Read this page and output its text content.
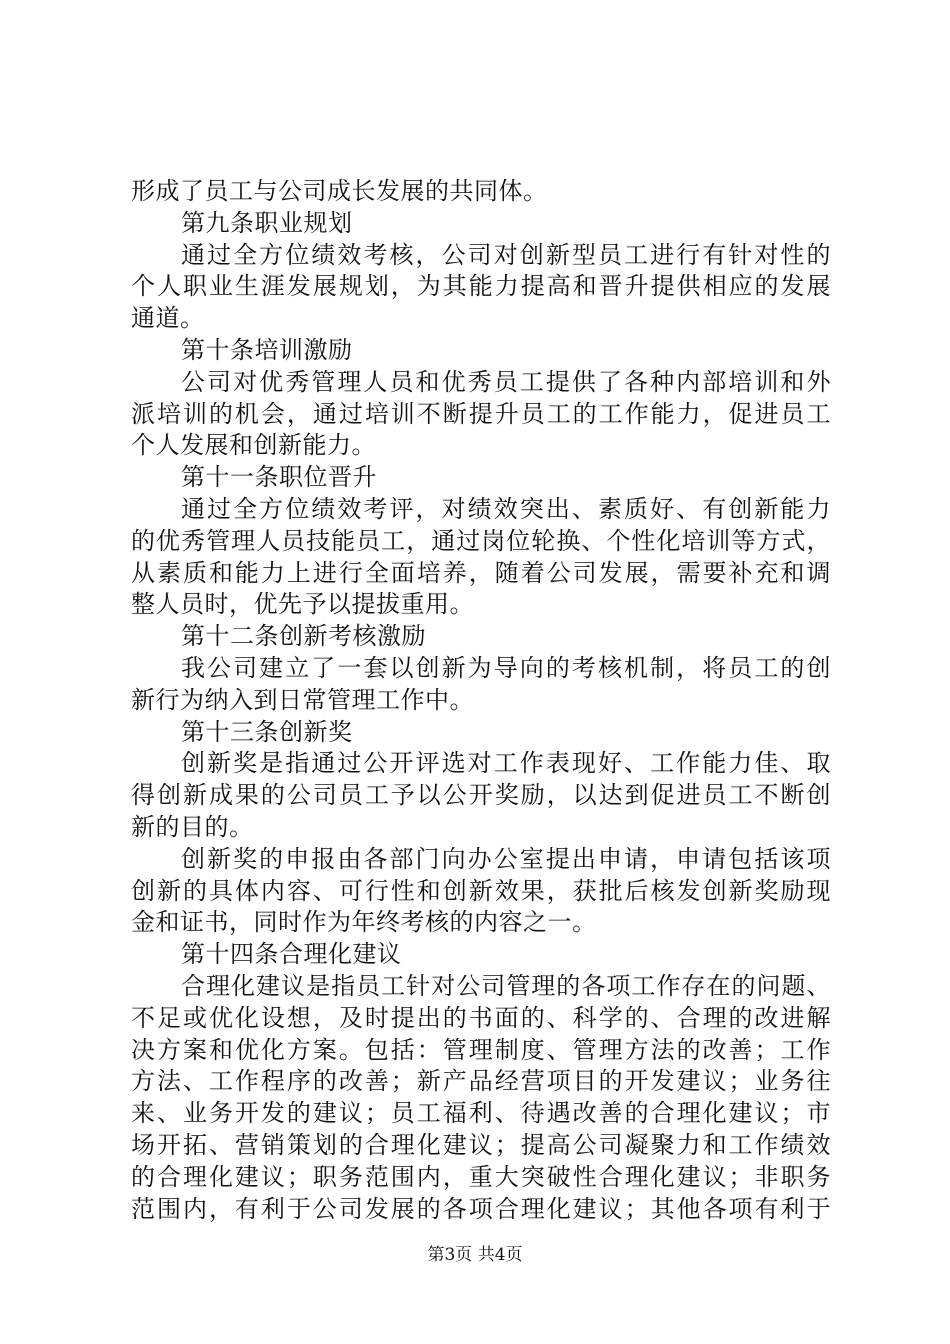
形成了员工与公司成长发展的共同体。
第九条职业规划
通过全方位绩效考核，公司对创新型员工进行有针对性的
个人职业生涯发展规划，为其能力提高和晋升提供相应的发展
通道。
第十条培训激励
公司对优秀管理人员和优秀员工提供了各种内部培训和外
派培训的机会，通过培训不断提升员工的工作能力，促进员工
个人发展和创新能力。
第十一条职位晋升
通过全方位绩效考评，对绩效突出、素质好、有创新能力
的优秀管理人员技能员工，通过岗位轮换、个性化培训等方式，
从素质和能力上进行全面培养，随着公司发展，需要补充和调
整人员时，优先予以提拔重用。
第十二条创新考核激励
我公司建立了一套以创新为导向的考核机制，将员工的创
新行为纳入到日常管理工作中。
第十三条创新奖
创新奖是指通过公开评选对工作表现好、工作能力佳、取
得创新成果的公司员工予以公开奖励，以达到促进员工不断创
新的目的。
创新奖的申报由各部门向办公室提出申请，申请包括该项
创新的具体内容、可行性和创新效果，获批后核发创新奖励现
金和证书，同时作为年终考核的内容之一。
第十四条合理化建议
合理化建议是指员工针对公司管理的各项工作存在的问题、
不足或优化设想，及时提出的书面的、科学的、合理的改进解
决方案和优化方案。包括：管理制度、管理方法的改善；工作
方法、工作程序的改善；新产品经营项目的开发建议；业务往
来、业务开发的建议；员工福利、待遇改善的合理化建议；市
场开拓、营销策划的合理化建议；提高公司凝聚力和工作绩效
的合理化建议；职务范围内，重大突破性合理化建议；非职务
范围内，有利于公司发展的各项合理化建议；其他各项有利于
第3页 共4页
